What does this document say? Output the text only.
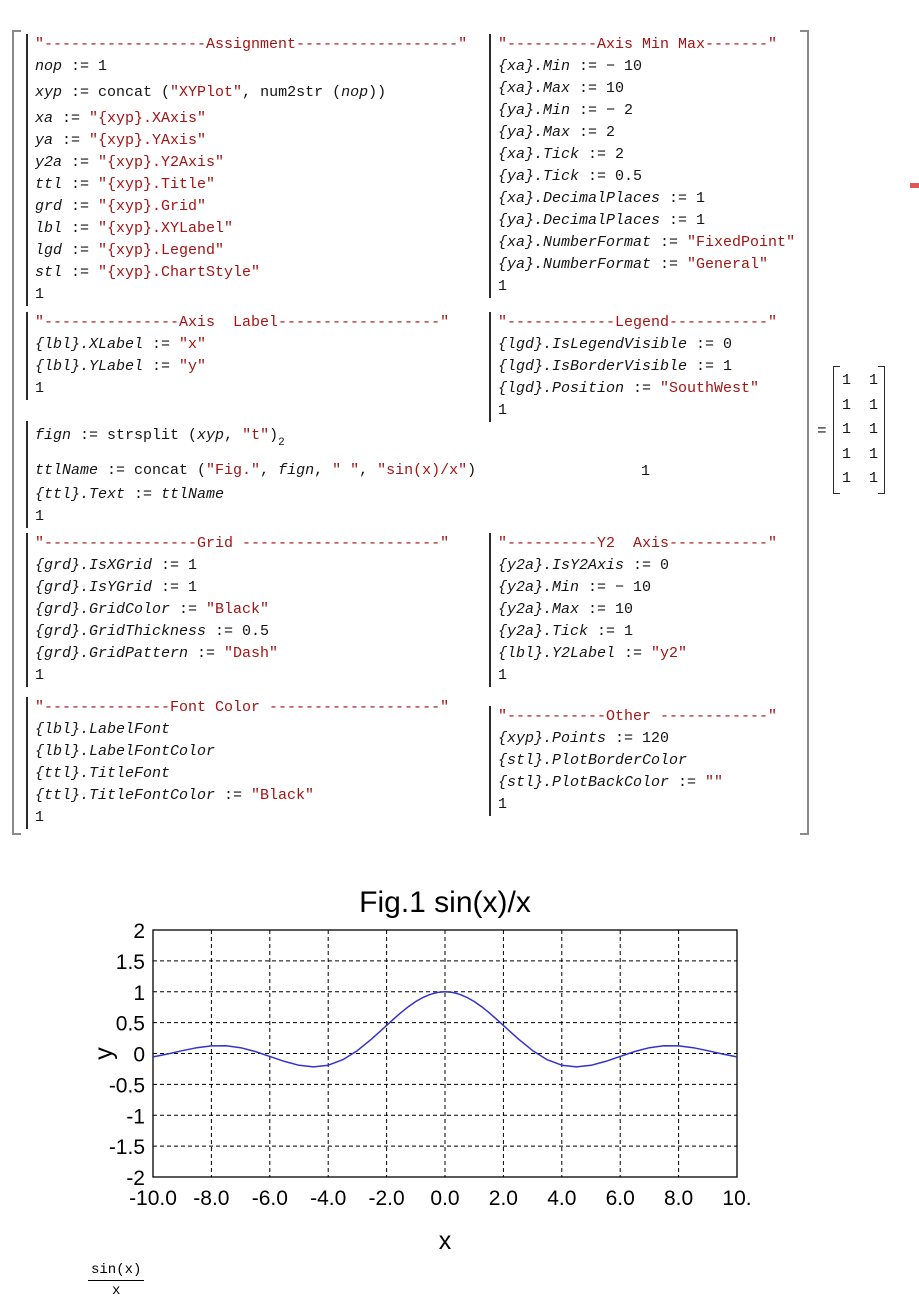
"------------------Assignment------------------"
nop := 1
xyp := concat ("XYPlot", num2str (nop))
xa := "{xyp}.XAxis"
ya := "{xyp}.YAxis"
y2a := "{xyp}.Y2Axis"
ttl := "{xyp}.Title"
grd := "{xyp}.Grid"
lbl := "{xyp}.XYLabel"
lgd := "{xyp}.Legend"
stl := "{xyp}.ChartStyle"
1
"----------Axis Min Max-------"
{xa}.Min := − 10
{xa}.Max := 10
{ya}.Min := − 2
{ya}.Max := 2
{xa}.Tick := 2
{ya}.Tick := 0.5
{xa}.DecimalPlaces := 1
{ya}.DecimalPlaces := 1
{xa}.NumberFormat := "FixedPoint"
{ya}.NumberFormat := "General"
1
"---------------Axis  Label------------------"
{lbl}.XLabel := "x"
{lbl}.YLabel := "y"
1
"------------Legend-----------"
{lgd}.IsLegendVisible := 0
{lgd}.IsBorderVisible := 1
{lgd}.Position := "SouthWest"
1
fign := strsplit (xyp, "$t")_2$
ttlName := concat ("Fig.", fign, " ", "sin(x)/x")
{ttl}.Text := ttlName
1
"-----------------Grid ----------------------"
{grd}.IsXGrid := 1
{grd}.IsYGrid := 1
{grd}.GridColor := "Black"
{grd}.GridThickness := 0.5
{grd}.GridPattern := "Dash"
1
"----------Y2  Axis-----------"
{y2a}.IsY2Axis := 0
{y2a}.Min := − 10
{y2a}.Max := 10
{y2a}.Tick := 1
{lbl}.Y2Label := "y2"
1
"--------------Font Color -------------------"
{lbl}.LabelFont
{lbl}.LabelFontColor
{ttl}.TitleFont
{ttl}.TitleFontColor := "Black"
1
"-----------Other ------------"
{xyp}.Points := 120
{stl}.PlotBorderColor
{stl}.PlotBackColor := ""
1
1
=
1  1
1  1
1  1
1  1
1  1
Fig.1 sin(x)/x
2
1.5
1
0.5
0
-0.5
-1
-1.5
-2
-10.0 -8.0 -6.0 -4.0 -2.0 0.0 2.0 4.0 6.0 8.0 10.
y
x
$\frac{\sin(x)}{x}$
